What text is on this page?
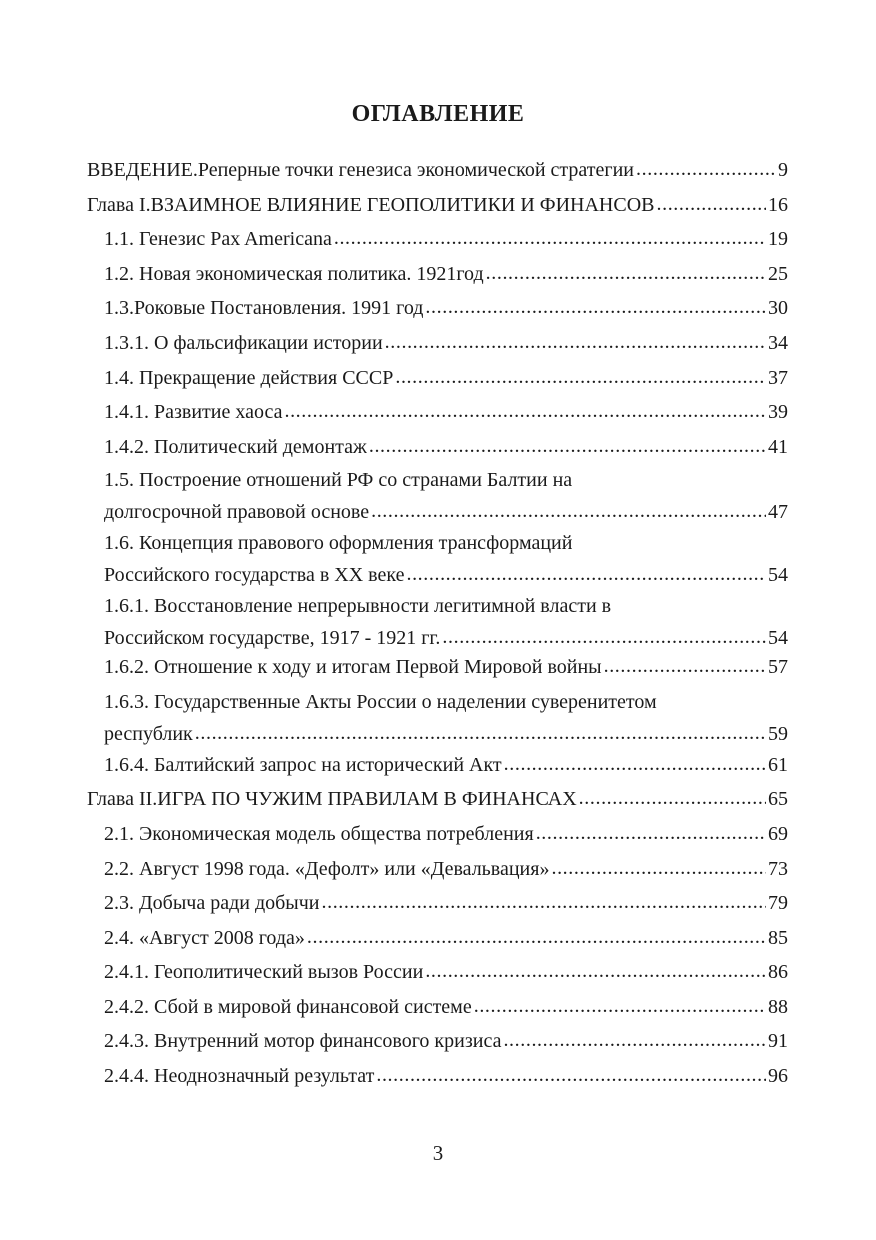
ОГЛАВЛЕНИЕ
ВВЕДЕНИЕ.Реперные точки генезиса экономической стратегии .....	9
Глава I.ВЗАИМНОЕ ВЛИЯНИЕ ГЕОПОЛИТИКИ И ФИНАНСОВ .....	16
1.1. Генезис Pax Americana .....	19
1.2. Новая экономическая политика. 1921год .....	25
1.3.Роковые Постановления. 1991 год .....	30
1.3.1. О фальсификации истории .....	34
1.4. Прекращение действия СССР .....	37
1.4.1. Развитие хаоса .....	39
1.4.2. Политический демонтаж .....	41
1.5. Построение отношений РФ со странами Балтии на
долгосрочной правовой основе .....	47
1.6. Концепция правового оформления трансформаций
Российского государства в XX веке .....	54
1.6.1. Восстановление непрерывности легитимной власти в
Российском государстве, 1917 - 1921 гг. .....	54
1.6.2. Отношение к ходу и итогам Первой Мировой войны .....	57
1.6.3. Государственные Акты России о наделении суверенитетом
республик .....	59
1.6.4. Балтийский запрос на исторический Акт .....	61
Глава II.ИГРА ПО ЧУЖИМ ПРАВИЛАМ В ФИНАНСАХ .....	65
2.1. Экономическая модель общества потребления .....	69
2.2. Август 1998 года. «Дефолт» или «Девальвация» .....	73
2.3. Добыча ради добычи .....	79
2.4. «Август 2008 года» .....	85
2.4.1. Геополитический вызов России .....	86
2.4.2. Сбой в мировой финансовой системе .....	88
2.4.3. Внутренний мотор финансового кризиса .....	91
2.4.4. Неоднозначный результат .....	96
3
